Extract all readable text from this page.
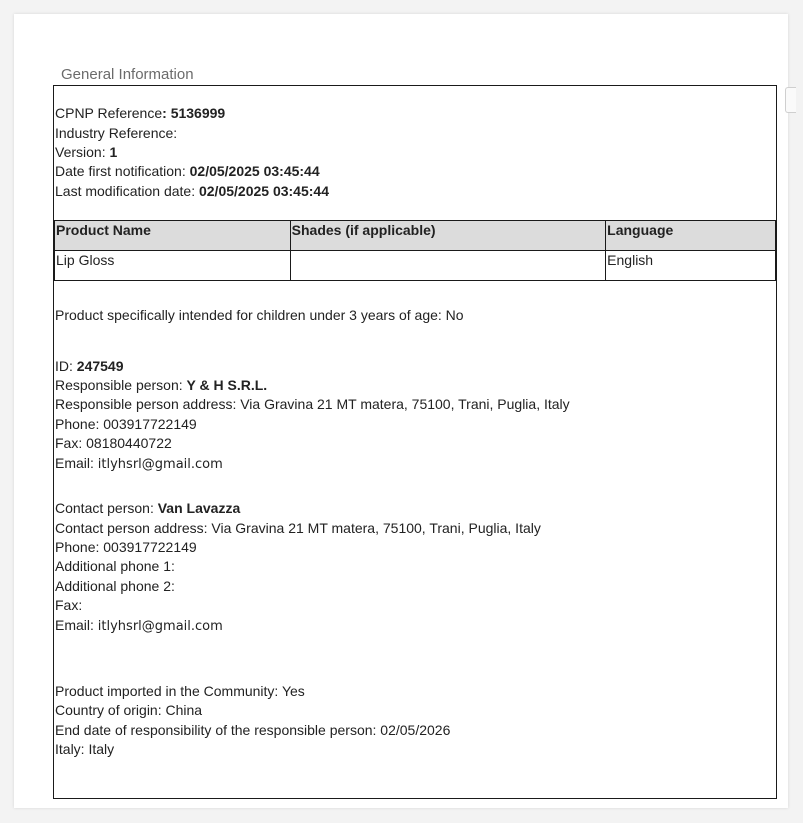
General Information
CPNP Reference: 5136999
Industry Reference:
Version: 1
Date first notification: 02/05/2025 03:45:44
Last modification date: 02/05/2025 03:45:44
Product Name	Shades (if applicable)	Language
Lip Gloss		English
Product specifically intended for children under 3 years of age: No
ID: 247549
Responsible person: Y & H S.R.L.
Responsible person address: Via Gravina 21 MT matera, 75100, Trani, Puglia, Italy
Phone: 003917722149
Fax: 08180440722
Email: itlyhsrl@gmail.com
Contact person: Van Lavazza
Contact person address: Via Gravina 21 MT matera, 75100, Trani, Puglia, Italy
Phone: 003917722149
Additional phone 1:
Additional phone 2:
Fax:
Email: itlyhsrl@gmail.com
Product imported in the Community: Yes
Country of origin: China
End date of responsibility of the responsible person: 02/05/2026
Italy: Italy
